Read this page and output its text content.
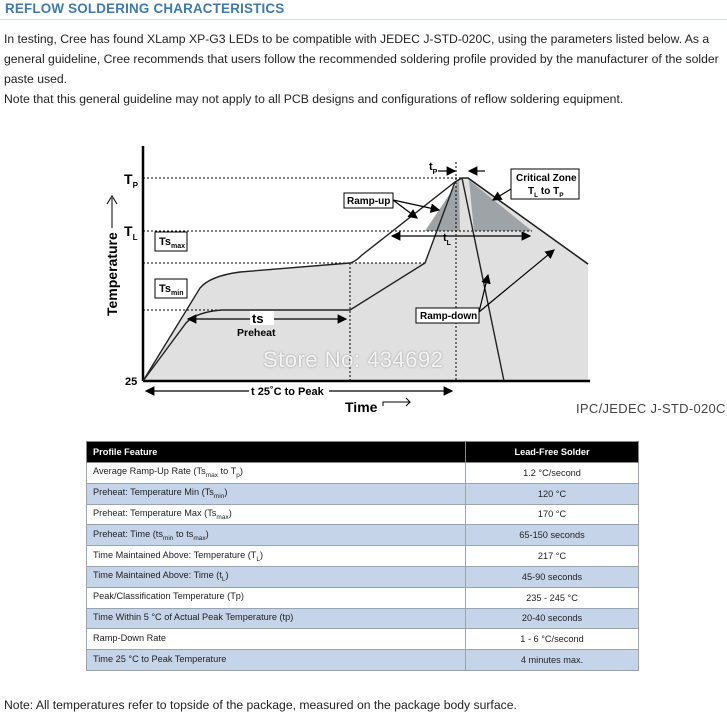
REFLOW SOLDERING CHARACTERISTICS
In testing, Cree has found XLamp XP-G3 LEDs to be compatible with JEDEC J-STD-020C, using the parameters listed below. As a general guideline, Cree recommends that users follow the recommended soldering profile provided by the manufacturer of the solder paste used.
Note that this general guideline may not apply to all PCB designs and configurations of reflow soldering equipment.
ts
Preheat
t 25˚C to Peak
$t_L$
$t_P$
$T_P$
$T_L$
25
$Ts_{max}$
$Ts_{min}$
Temperature
Time
Ramp-up
Ramp-down
Critical Zone
$T_L$ to $T_P$
Store No: 434692
IPC/JEDEC J-STD-020C
Profile Feature	Lead-Free Solder
Average Ramp-Up Rate ($Ts_{max}$ to $T_p$)	1.2 °C/second
Preheat: Temperature Min $(Ts_{min})$	120 °C
Preheat: Temperature Max $(Ts_{max})$	170 °C
Preheat: Time ($ts_{min}$ to $ts_{max}$)	65-150 seconds
Time Maintained Above: Temperature $(T_L)$	217 °C
Time Maintained Above: Time $(t_L)$	45-90 seconds
Peak/Classification Temperature (Tp)	235 - 245 °C
Time Within 5 °C of Actual Peak Temperature (tp)	20-40 seconds
Ramp-Down Rate	1 - 6 °C/second
Time 25 °C to Peak Temperature	4 minutes max.
Note: All temperatures refer to topside of the package, measured on the package body surface.
